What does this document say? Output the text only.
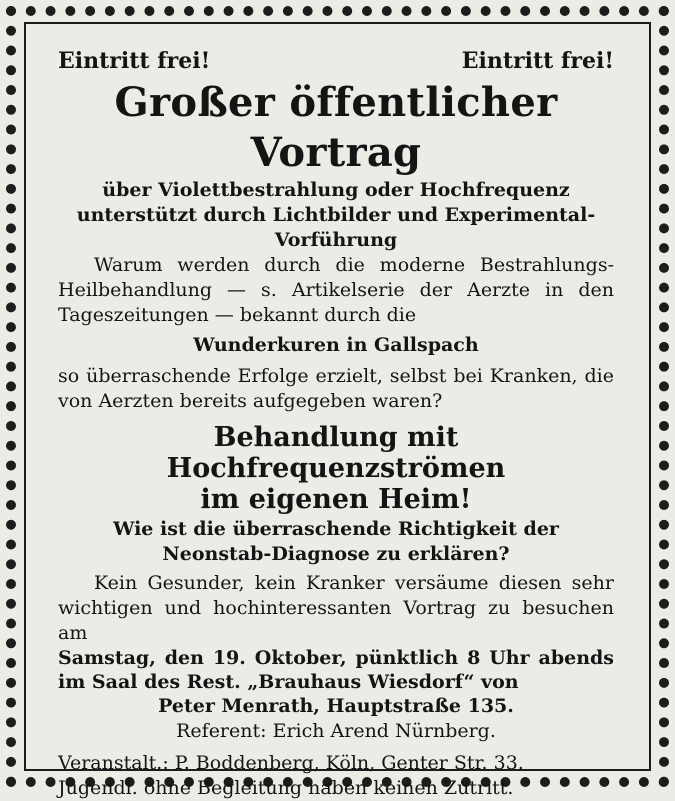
Eintritt frei!	Eintritt frei!
Großer öffentlicher Vortrag
über Violettbestrahlung oder Hochfrequenz unterstützt durch Lichtbilder und Experimental-Vorführung
Warum werden durch die moderne Bestrahlungs-Heilbehandlung — s. Artikelserie der Aerzte in den Tageszeitungen — bekannt durch die
Wunderkuren in Gallspach
so überraschende Erfolge erzielt, selbst bei Kranken, die von Aerzten bereits aufgegeben waren?
Behandlung mit Hochfrequenzströmen
im eigenen Heim!
Wie ist die überraschende Richtigkeit der Neonstab-Diagnose zu erklären?
Kein Gesunder, kein Kranker versäume diesen sehr wichtigen und hochinteressanten Vortrag zu besuchen am
Samstag, den 19. Oktober, pünktlich 8 Uhr abends im Saal des Rest. „Brauhaus Wiesdorf“ von
Peter Menrath, Hauptstraße 135.
Referent: Erich Arend Nürnberg.
Veranstalt.: P. Boddenberg, Köln, Genter Str. 33.
Jugendl. ohne Begleitung haben keinen Zutritt.
